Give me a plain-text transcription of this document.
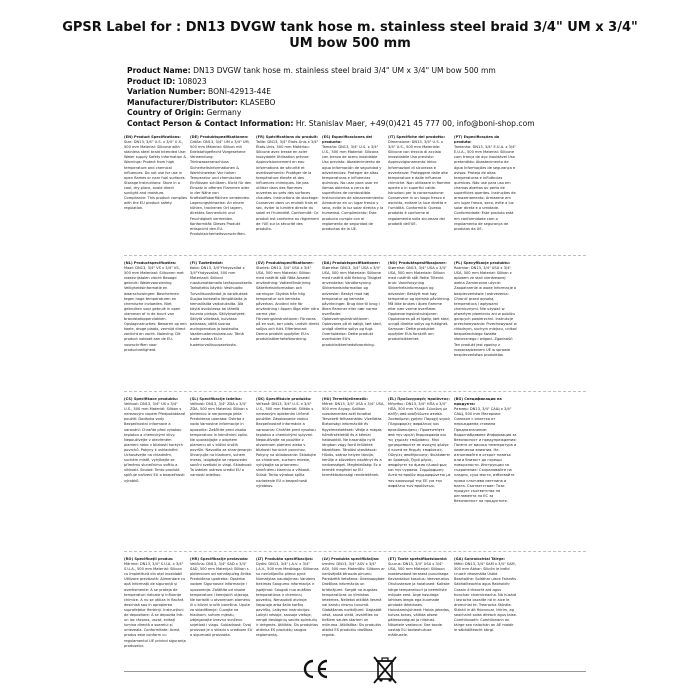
GPSR Label for : DN13 DVGW tank hose m. stainless steel braid 3/4" UM x 3/4" UM bow 500 mm
Product Name: DN13 DVGW tank hose m. stainless steel braid 3/4" UM x 3/4" UM bow 500 mm
Product ID: 108023
Variation Number: BONI-42913-44E
Manufacturer/Distributor: KLASEBO
Country of Origin: Germany
Contact Person & Contact Information: Hr. Stanislav Maer, +49(0)421 45 777 00, info@boni-shop.com
(EN) Product Specifications:
Size: DN13, 3/4" U.S. x 3/4" U.S., 500 mm Material: Silicone with stainless steel braid Intended Use: Water supply Safety Information & Warnings: Protect from high temperature and chemical influences. Do not use for use in open flames or near fuel surfaces. Storage Instructions: Store in a cool, dry place, avoid direct sunlight and moisture. Compliance: This product complies with the EU product safety regulation.
(DE) Produktspezifikationen:
Größe: DN13, 3/4" UM x 3/4" UM, 500 mm Material: Silikon mit Edelstahlgeflecht Vorgesehene Verwendung: Trinkwasseranschluss Sicherheitsinformationen & Warnhinweise: Vor hohen Temperatur und chemischen Einflüssen schützen. Nicht für den Einsatz in offenen Flammen oder in der Nähe von Kraftstoffoberflächen verwenden. Lagerungshinweise: An einem kühlen, trockenen Ort lagern, direktes Sonnenlicht und Feuchtigkeit vermeiden. Konformität: Dieses Produkt entspricht den EU-Produktsicherheitsvorschriften.
(FR) Spécifications du produit:
Taille: DN13, 3/4" États-Unis x 3/4" États-Unis, 500 mm Matériau: Silicone avec tresse en acier inoxydable Utilisation prévue: Approvisionnement en eau Informations de sécurité et avertissements: Protéger de la température élevée et des influences chimiques. Ne pas utiliser dans des flammes ouvertes ou près des surfaces chaudes. Instructions de stockage: Conserver dans un endroit frais et sec, éviter la lumière directe du soleil et l'humidité. Conformité: Ce produit est conforme au règlement de l'UE sur la sécurité des produits.
(ES) Especificaciones del producto:
Tamaño: DN13, 3/4" U.S. x 3/4" U.S., 500 mm Material: Silicona con trenza de acero inoxidable Uso previsto: Abastecimiento de agua Información de seguridad y advertencias: Proteger de altas temperaturas e influencias químicas. No usar para usar en llamas abiertas o cerca de superficies de combustible. Instrucciones de almacenamiento: Almacenar en un lugar fresco y seco, evite la luz solar directa y la humedad. Cumplimiento: Este producto cumple con el reglamento de seguridad de productos de la UE.
(IT) Specifiche del prodotto:
Dimensione: DN13, 3/4" U.S. x 3/4" U.S., 500 mm Materiale: Silicone con treccia di acciaio inossidabile Uso previsto: Approvvigionamento idrico Informazioni di sicurezza e avvertenze: Proteggere dalle alte temperature e dalle influenze chimiche. Non utilizzare in fiamme aperte o in superfici calde. Istruzioni per la conservazione: Conservare in un luogo fresco e asciutto, evitare la luce diretta e l'umidità. Conformità: Questo prodotto è conforme al regolamento sulla sicurezza dei prodotti dell'UE.
(PT) Especificações do produto:
Tamanho: DN13, 3/4" E.U.A. x 3/4" E.U.A., 500 mm Material: Silicone com trança de aço inoxidável Uso pretendido: Abastecimento de água Informações de segurança e avisos: Proteja de altas temperaturas e influências químicas. Não use para uso em chamas abertas ou perto de superfícies quentes. Instruções de armazenamento: Armazene em um lugar fresco, seco, evite a luz solar direta e a umidade. Conformidade: Este produto está em conformidade com o regulamento de segurança de produtos da UE.
(NL) Productspecificaties:
Maat: DN13, 3/4" VS x 3/4" VS, 500 mm Materiaal: Siliconen met roestvrijstalen vlecht Beoogd gebruik: Watervoorziening Veiligheidsinformatie en waarschuwingen: Beschermen tegen hoge temperaturen en chemische invloeden. Niet gebruiken voor gebruik in open vlammen of in de buurt van brandstofoppervlakken. Opslaginstructies: Bewaren op een koele, droge plaats, vermijd direct zonlicht en vocht. Naleving: Dit product voldoet aan de EU-voorschriften voor productveiligheid.
(FI) Tuotetiedot:
Koko: DN13, 3/4"Yhdysvallat x 3/4"Yhdysvallat, 500 mm Materiaali: Silikoni ruostumattomalla teräspunoksella Tarkoitettu käyttö: Vesihuolto Turvallisuustiedot ja varoitukset: Suojaa korkealta lämpötilalta ja kemiallisilta vaikutuksilta. Älä käytä avotulessa tai lähellä kuumia pintoja. Säilytysohjeet: Säilytä viileässä, kuivassa paikassa, vältä suoraa auringonvaloa ja kosteutta. Vaatimustenmukaisuus: Tämä tuote vastaa EU:n tuoteturvallisuusasetusta.
(SV) Produktspecifikationer:
Storlek: DN13, 3/4" USA x 3/4" USA, 500 mm Material: Silikon med rostfritt stål fläta Avsedd användning: Vattenförsörjning Säkerhetsinformation och varningar: Skydda från hög temperatur och kemiska påverkan. Använd inte för användning i öppen låga eller nära varma ytor. Förvaringsinstruktioner: Förvaras på en sval, torr plats, undvik direkt solljus och fukt. Efterlevnad: Denna produkt uppfyller EU:s produktsäkerhetsförordning.
(DA) Produktspecifikationer:
Størrelse: DN13, 3/4" USA x 3/4" USA, 500 mm Materiale: Silikone med rustfrit stål fletning Tilsigtet anvendelse: Vandforsyning Sikkerhedsinformation og advarsler: Beskyt mod høj temperatur og kemiske påvirkninger. Brug ikke til brug i åben flammer eller nær varme overflader. Opbevaringsinstruktioner: Opbevares på et køligt, tørt sted, undgå direkte sollys og fugt. Overholdelse: Dette produkt overholder EU's produktsikkerhedsforordning.
(NO) Produktspesifikasjoner:
Størrelse: DN13, 3/4" USA x 3/4" USA, 500 mm Materiale: Silikon med rustfritt stål flette Tiltenkt bruk: Vannforsyning Sikkerhetsinformasjon og advarsler: Beskytt mot høy temperatur og kjemisk påvirkning. Må ikke brukes i åpen flamme eller nær varme overflater. Oppbevaringsinstruksjoner: Oppbevares på et kjølig, tørt sted, unngå direkte sollys og fuktighet. Samsvar: Dette produktet oppfyller EUs forskrift om produktsikkerhet.
(PL) Specyfikacje produktu:
Rozmiar: DN13, 3/4" USA x 3/4" USA, 500 mm Materiał: Silikon z oplotem ze stali nierdzewnej wełna Zamierzone użycie: Zaopatrzenie w wodę Informacje o bezpieczeństwie i ostrzeżenia: Chronić przed wysoką temperaturą i wpływami chemicznymi. Nie używać w otwartym płomieniu ani w pobliżu gorących powierzchni. Instrukcje przechowywania: Przechowywać w chłodnym, suchym miejscu, unikać bezpośredniego światła słonecznego i wilgoci. Zgodność: Ten produkt jest zgodny z rozporządzeniem UE w sprawie bezpieczeństwa produktów.
(CS) Specifikace produktu:
Velikost: DN13, 3/4" US x 3/4" U.S., 500 mm Materiál: Silikon s nerezovým copem Předpokládané použití: Dodávka vody Bezpečnostní informace a varování: Chraňte před vysokou teplotou a chemickými vlivy. Nepoužívejte v otevřeném plameni nebo v blízkosti horkých povrchů. Pokyny k uskladnění: Uchovávejte na chladném, suchém místě, vyhýbejte se přímému slunečnímu světlu a vlhkosti. Soulad: Tento produkt splňuje nařízení EU o bezpečnosti výrobků.
(SL) Specifikacije izdelka:
Velikost: DN13, 3/4" ZDA x 3/4" ZDA, 500 mm Material: Silikon s pletenico iz nerjavnega jekla Predvidena uporaba: Oskrba z vodo Varnostne informacije in opozorila: Zaščitite pred visoko temperaturo in kemičnimi vplivi. Ne uporabljajte v odprtem plamenu ali v bližini vročih površin. Navodila za shranjevanje: Shranjujte na hladnem, suhem mestu, izogibajte se neposredni sončni svetlobi in vlagi. Skladnost: Ta izdelek ustreza uredbi EU o varnosti izdelkov.
(SK) Špecifikácie produktu:
Veľkosť: DN13, 3/4" U.S. x 3/4" U.S., 500 mm Materiál: Silikón s nerezovým opletením Určené použitie: Zásobovanie vodou Bezpečnostné informácie a varovania: Chráňte pred vysokou teplotou a chemickými vplyvmi. Nepoužívajte na použitie v otvorenom plameni alebo v blízkosti horúcich povrchov. Pokyny na skladovanie: Skladujte na chladnom, suchom mieste, vyhýbajte sa priamemu slnečnému žiareniu a vlhkosti. Súlad: Tento výrobok spĺňa nariadenie EÚ o bezpečnosti výrobkov.
(HU) Termékjellemzők:
Méret: DN13, 3/4" USA x 3/4" USA, 500 mm Anyag: Szilikon rozsdamentes acél fonattal Tervezett felhasználás: Vízellátás Biztonsági információk és figyelmeztetések: Védje a magas hőmérséklettől és a kémiai hatásoktól. Ne használja nyílt lángban vagy forró felületek közelében. Tárolási utasítások: Hűvös, száraz helyen tárolja, kerülje a közvetlen napfényt és a nedvességet. Megfelelőség: Ez a termék megfelel az EU termékbiztonsági rendeletének.
(EL) Προδιαγραφές προϊόντος:
Μέγεθος: DN13, 3/4" ΗΠΑ x 3/4" ΗΠΑ, 500 mm Υλικό: Σιλικόνη με πλέξη από ανοξείδωτο ατσάλι Σκοπούμενη χρήση: Παροχή νερού Πληροφορίες ασφάλειας και προειδοποιήσεις: Προστατέψτε από την υψηλή θερμοκρασία και τις χημικές επιδράσεις. Μην χρησιμοποιείτε σε ανοιχτή φλόγα ή κοντά σε θερμές επιφάνειες. Οδηγίες αποθήκευσης: Φυλάσσετε σε δροσερό, ξηρό μέρος, αποφύγετε το άμεσο ηλιακό φως και την υγρασία. Συμμόρφωση: Αυτό το προϊόν συμμορφώνεται με τον κανονισμό της ΕΕ για την ασφάλεια των προϊόντων.
(BG) Спецификации на продукта:
Размер: DN13, 3/4" САЩ x 3/4" САЩ, 500 mm Материал: Силикон с оплетка от неръждаема стомана Предназначение: Водоснабдяване Информация за безопасност и предупреждения: Пазете от висока температура и химически влияния. Не използвайте в открит пламък или в близост до горещи повърхности. Инструкции за съхранение: Съхранявайте на хладно, сухо място, избягвайте пряка слънчева светлина и влага. Съответствие: Този продукт съответства на регламента на ЕС за безопасност на продуктите.
(RO) Specificații produs:
Mărime: DN13, 3/4" S.U.A. x 3/4" S.U.A., 500 mm Material: Silicon cu împletitură din oțel inoxidabil Utilizare prevăzută: Alimentare cu apă Informații de siguranță și avertismente: A se proteja de temperaturi ridicate și influențe chimice. A nu se utiliza în flacără deschisă sau în apropierea suprafețelor fierbinți. Instrucțiuni de depozitare: A se depozita într-un loc răcoros, uscat, evitați lumina directă a soarelui și umezeala. Conformitate: Acest produs este conform cu regulamentul UE privind siguranța produselor.
(HR) Specifikacije proizvoda:
Veličina: DN13, 3/4" SAD x 3/4" SAD, 500 mm Materijal: Silikon s pletenicom od nehrđajućeg čelika Predviđena upotreba: Opskrba vodom Sigurnosne informacije i upozorenja: Zaštitite od visoke temperature i kemijskih utjecaja. Ne koristiti u otvorenom plamenu ili u blizini vrućih površina. Upute za skladištenje: Čuvajte na hladnom, suhom mjestu, izbjegavajte izravnu sunčevu svjetlost i vlagu. Sukladnost: Ovaj proizvod je u skladu s uredbom EU o sigurnosti proizvoda.
(LT) Produkto specifikacijos:
Dydis: DN13, 3/4" J.A.V. x 3/4" J.A.V., 500 mm Medžiaga: Silikonas su nerūdijančio plieno pynė Numatytas naudojimas: Vandens tiekimas Saugumo informacija ir įspėjimai: Saugoti nuo aukštos temperatūros ir cheminių poveikių. Nenaudoti atviroje liepsnoje arba šalia karštų paviršių. Laikymo instrukcijos: Laikyti vėsioje, sausoje vietoje, vengti tiesioginių saulės spindulių ir drėgmės. Atitiktis: Šis produktas atitinka ES produktų saugos reglamentą.
(LV) Produkta specifikācijas:
Izmērs: DN13, 3/4" ASV x 3/4" ASV, 500 mm Materiāls: Silikons ar nerūsējošā tērauda pinumu Paredzētā lietošana: Ūdensapgāde Drošības informācija un brīdinājumi: Sargāt no augstas temperatūras un ķīmiskas ietekmes. Nelietot atklātā liesmā vai karstu virsmu tuvumā. Glabāšanas norādījumi: Uzglabāt vēsā, sausā vietā, izvairīties no tiešiem saules stariem un mitruma. Atbilstība: Šis produkts atbilst ES produktu drošības regulai.
(ET) Toote spetsifikatsioonid:
Suurus: DN13, 3/4" USA x 3/4" USA, 500 mm Materjal: Silikoon roostevabast terasest punutisega Kavandatud kasutus: Veevarustus Ohutusteave ja hoiatused: Kaitske kõrge temperatuuri ja keemiliste mõjude eest. Ärge kasutage lahtises leegis ega kuumade pindade läheduses. Hoiustamisjuhised: Hoida jahedas, kuivas kohas, vältida otsest päikesevalgust ja niiskust. Nõuetele vastavus: See toode vastab ELi tooteohutuse määrusele.
(GA) Sonraíochtaí Táirge:
Méid: DN13, 3/4" SAM x 3/4" SAM, 500 mm Ábhar: Silicón le bréid cruach dhosmálta Úsáid Beartaithe: Soláthar uisce Faisnéis Sábháilteachta agus Rabhaidh: Cosain ó theocht ard agus tionchair cheimiceacha. Ná húsáid i lasracha oscailte nó in aice le dromchlaí te. Treoracha Stórála: Stóráil in áit fhionnuar, thirim, ag seachaint solas díreach agus taise. Comhlíonadh: Comhlíonann an táirge seo rialachán an AE maidir le sábháilteacht táirgí.
